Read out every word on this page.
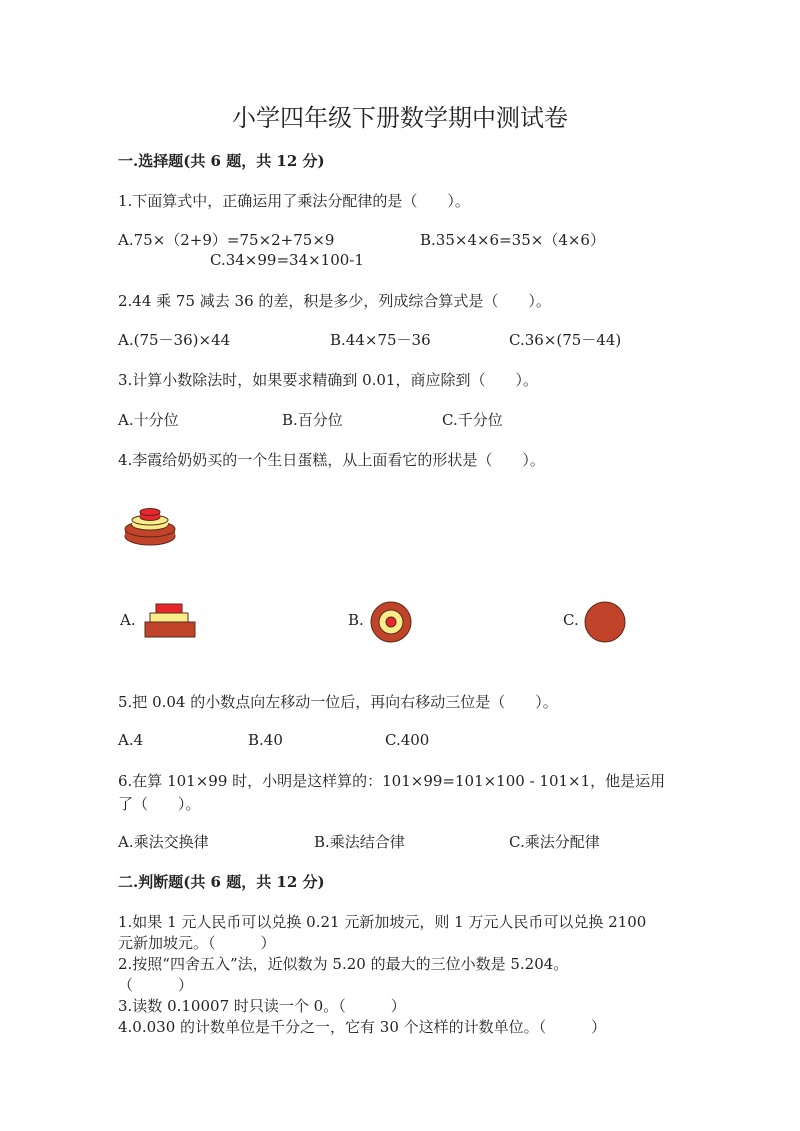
小学四年级下册数学期中测试卷
一.选择题(共 6 题，共 12 分)
1.下面算式中，正确运用了乘法分配律的是（　　）。
A.75×（2+9）=75×2+75×9	B.35×4×6=35×（4×6）
C.34×99=34×100-1
2.44 乘 75 减去 36 的差，积是多少，列成综合算式是（　　）。
A.(75－36)×44	B.44×75－36	C.36×(75－44)
3.计算小数除法时，如果要求精确到 0.01，商应除到（　　）。
A.十分位	B.百分位	C.千分位
4.李霞给奶奶买的一个生日蛋糕，从上面看它的形状是（　　）。
A.	B.	C.
5.把 0.04 的小数点向左移动一位后，再向右移动三位是（　　）。
A.4	B.40	C.400
6.在算 101×99 时，小明是这样算的：101×99=101×100 - 101×1，他是运用
了（　　）。
A.乘法交换律	B.乘法结合律	C.乘法分配律
二.判断题(共 6 题，共 12 分)
1.如果 1 元人民币可以兑换 0.21 元新加坡元，则 1 万元人民币可以兑换 2100
元新加坡元。（　　　）
2.按照“四舍五入”法，近似数为 5.20 的最大的三位小数是 5.204。
（　　　）
3.读数 0.10007 时只读一个 0。（　　　）
4.0.030 的计数单位是千分之一，它有 30 个这样的计数单位。（　　　）
